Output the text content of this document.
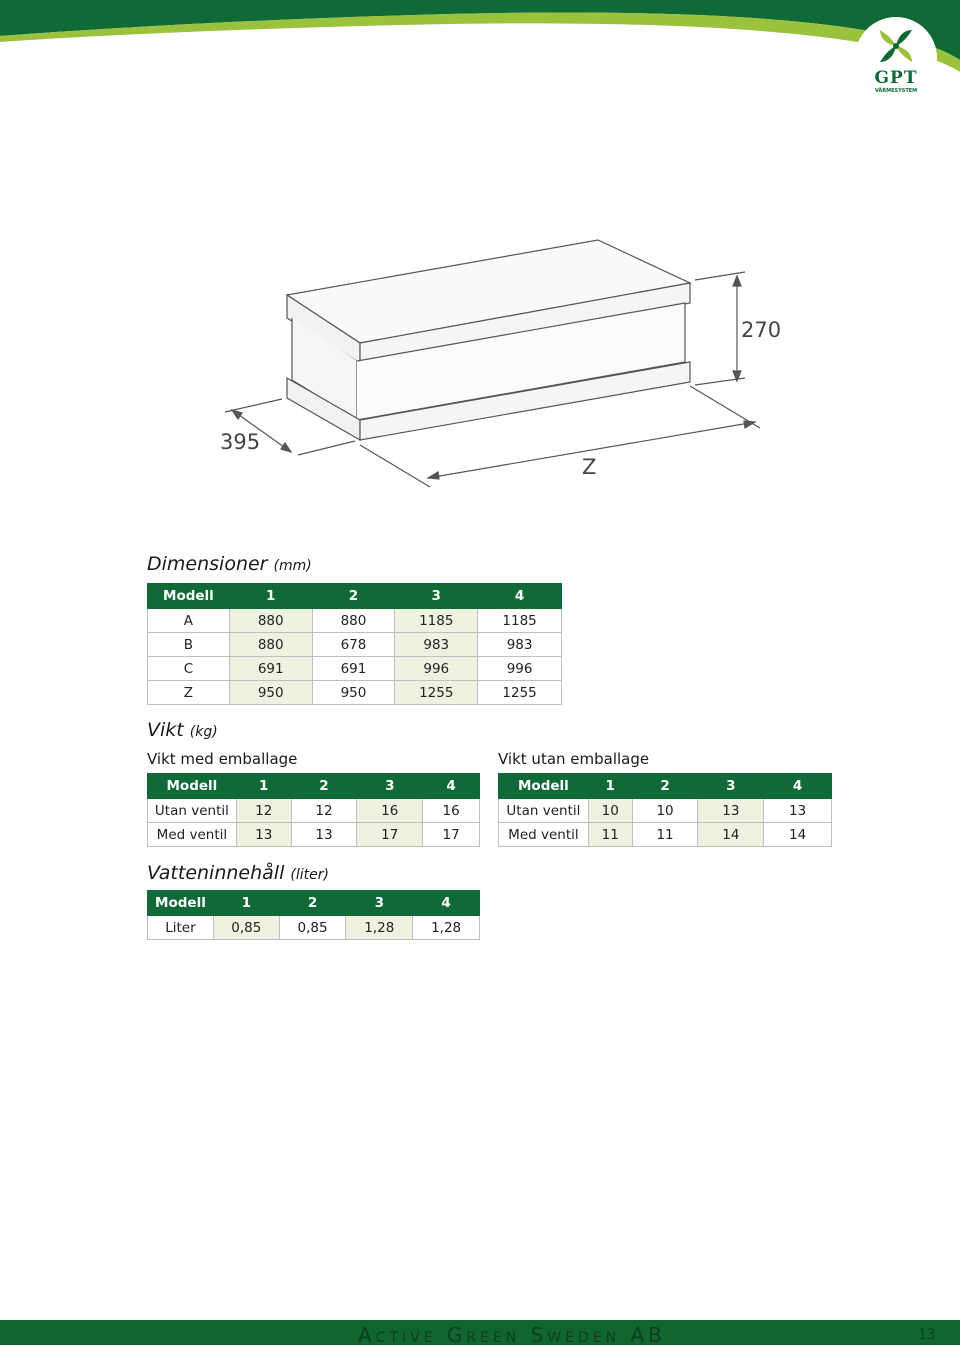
GPT
VÄRMESYSTEM
270
395
Z
Dimensioner (mm)
Modell	1	2	3	4
A	880	880	1185	1185
B	880	678	983	983
C	691	691	996	996
Z	950	950	1255	1255
Vikt (kg)
Vikt med emballage	Vikt utan emballage
Modell	1	2	3	4
Utan ventil	12	12	16	16
Med ventil	13	13	17	17
Modell	1	2	3	4
Utan ventil	10	10	13	13
Med ventil	11	11	14	14
Vatteninnehåll (liter)
Modell	1	2	3	4
Liter	0,85	0,85	1,28	1,28
Active Green Sweden AB	13
